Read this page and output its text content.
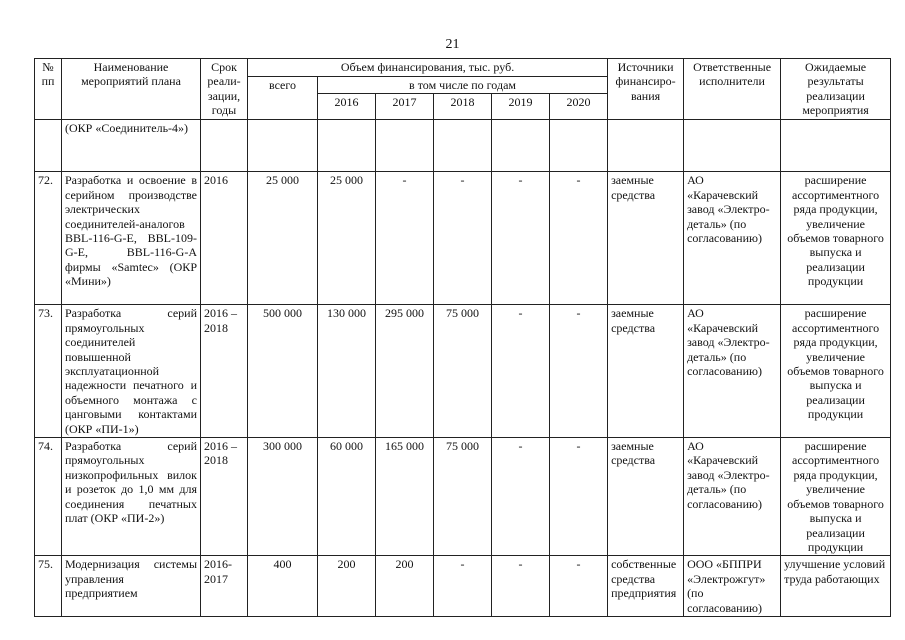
21
№ пп	Наименование мероприятий плана	Срок реали-зации, годы	Объем финансирования, тыс. руб.						Источники финансиро-вания	Ответственные исполнители	Ожидаемые результаты реализации мероприятия
			всего	в том числе по годам							
				2016	2017	2018	2019	2020			
	(ОКР «Соединитель-4»)										
72.	Разработка и освоение в серийном производстве электрических соединителей-аналогов BBL-116-G-E, BBL-109-G-E, BBL-116-G-A фирмы «Samtec» (ОКР «Мини»)	2016	25 000	25 000	-	-	-	-	заемные средства	АО «Карачевский завод «Электро-деталь» (по согласованию)	расширение ассортиментного ряда продукции, увеличение объемов товарного выпуска и реализации продукции
73.	Разработка серий прямоугольных соединителей повышенной эксплуатационной надежности печатного и объемного монтажа с цанговыми контактами (ОКР «ПИ-1»)	2016 – 2018	500 000	130 000	295 000	75 000	-	-	заемные средства	АО «Карачевский завод «Электро-деталь» (по согласованию)	расширение ассортиментного ряда продукции, увеличение объемов товарного выпуска и реализации продукции
74.	Разработка серий прямоугольных низкопрофильных вилок и розеток до 1,0 мм для соединения печатных плат (ОКР «ПИ-2»)	2016 – 2018	300 000	60 000	165 000	75 000	-	-	заемные средства	АО «Карачевский завод «Электро-деталь» (по согласованию)	расширение ассортиментного ряда продукции, увеличение объемов товарного выпуска и реализации продукции
75.	Модернизация системы управления предприятием	2016-2017	400	200	200	-	-	-	собственные средства предприятия	ООО «БППРИ «Электрожгут» (по согласованию)	улучшение условий труда работающих
